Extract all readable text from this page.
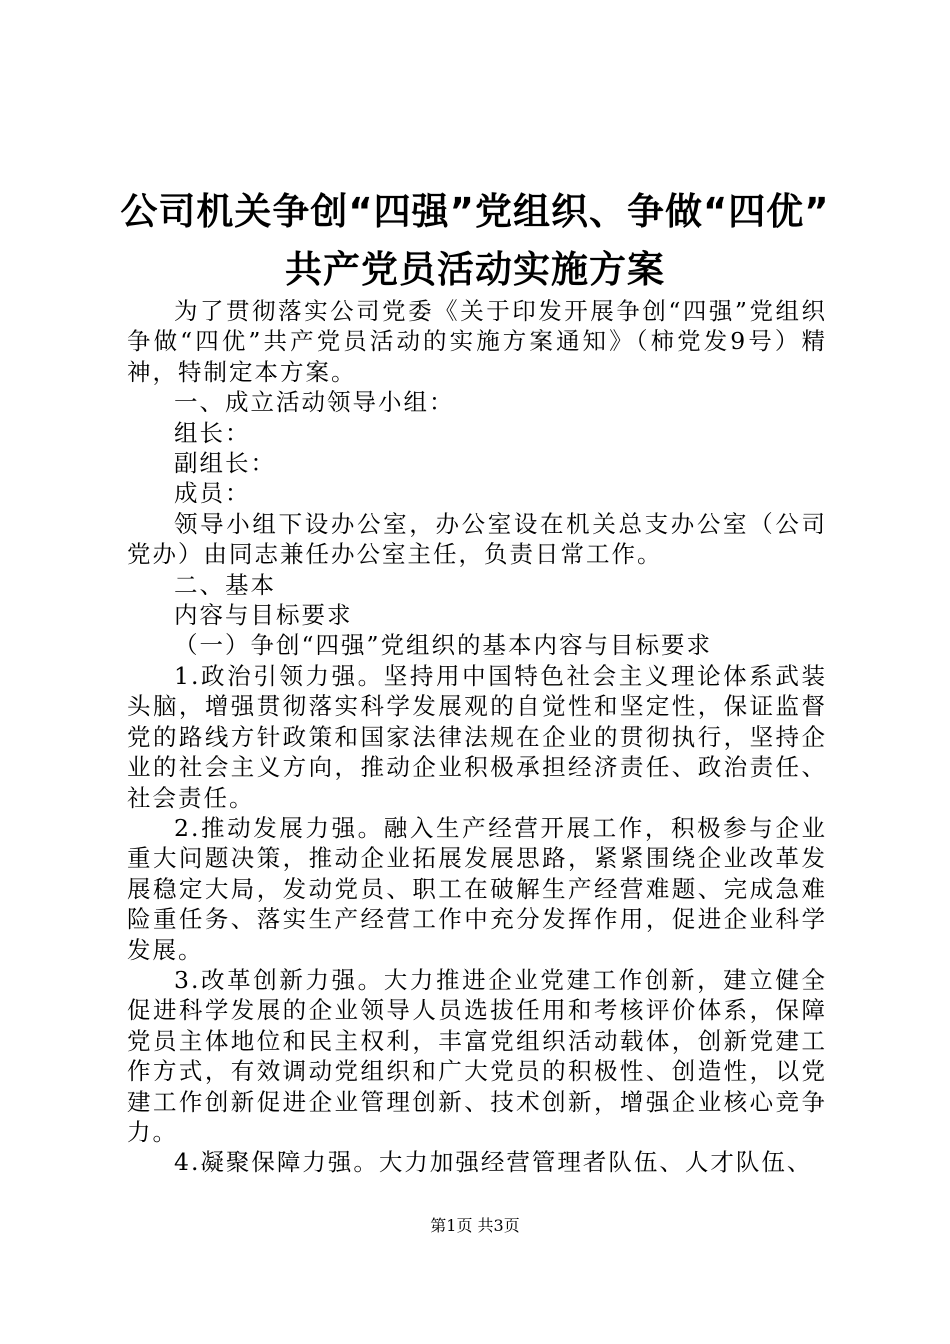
公司机关争创“四强”党组织、争做“四优”
共产党员活动实施方案

为了贯彻落实公司党委《关于印发开展争创“四强”党组织争做“四优”共产党员活动的实施方案通知》（柿党发9号）精神，特制定本方案。

一、成立活动领导小组：

组长：

副组长：

成员：

领导小组下设办公室，办公室设在机关总支办公室（公司党办）由同志兼任办公室主任，负责日常工作。

二、基本

内容与目标要求

（一）争创“四强”党组织的基本内容与目标要求

1.政治引领力强。坚持用中国特色社会主义理论体系武装头脑，增强贯彻落实科学发展观的自觉性和坚定性，保证监督党的路线方针政策和国家法律法规在企业的贯彻执行，坚持企业的社会主义方向，推动企业积极承担经济责任、政治责任、社会责任。

2.推动发展力强。融入生产经营开展工作，积极参与企业重大问题决策，推动企业拓展发展思路，紧紧围绕企业改革发展稳定大局，发动党员、职工在破解生产经营难题、完成急难险重任务、落实生产经营工作中充分发挥作用，促进企业科学发展。

3.改革创新力强。大力推进企业党建工作创新，建立健全促进科学发展的企业领导人员选拔任用和考核评价体系，保障党员主体地位和民主权利，丰富党组织活动载体，创新党建工作方式，有效调动党组织和广大党员的积极性、创造性，以党建工作创新促进企业管理创新、技术创新，增强企业核心竞争力。

4.凝聚保障力强。大力加强经营管理者队伍、人才队伍、

第1页 共3页
